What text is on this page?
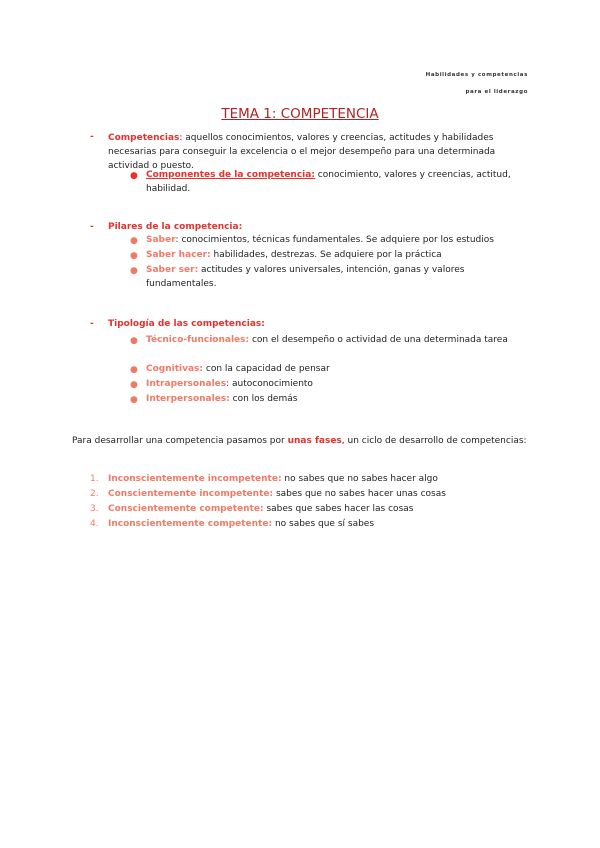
Habilidades y competencias
para el liderazgo
TEMA 1: COMPETENCIA
- Competencias: aquellos conocimientos, valores y creencias, actitudes y habilidades necesarias para conseguir la excelencia o el mejor desempeño para una determinada actividad o puesto.
● Componentes de la competencia: conocimiento, valores y creencias, actitud, habilidad.
- Pilares de la competencia:
● Saber: conocimientos, técnicas fundamentales. Se adquiere por los estudios
● Saber hacer: habilidades, destrezas. Se adquiere por la práctica
● Saber ser: actitudes y valores universales, intención, ganas y valores fundamentales.
- Tipología de las competencias:
● Técnico-funcionales: con el desempeño o actividad de una determinada tarea
● Cognitivas: con la capacidad de pensar
● Intrapersonales: autoconocimiento
● Interpersonales: con los demás
Para desarrollar una competencia pasamos por unas fases, un ciclo de desarrollo de competencias:
1. Inconscientemente incompetente: no sabes que no sabes hacer algo
2. Conscientemente incompetente: sabes que no sabes hacer unas cosas
3. Conscientemente competente: sabes que sabes hacer las cosas
4. Inconscientemente competente: no sabes que sí sabes
